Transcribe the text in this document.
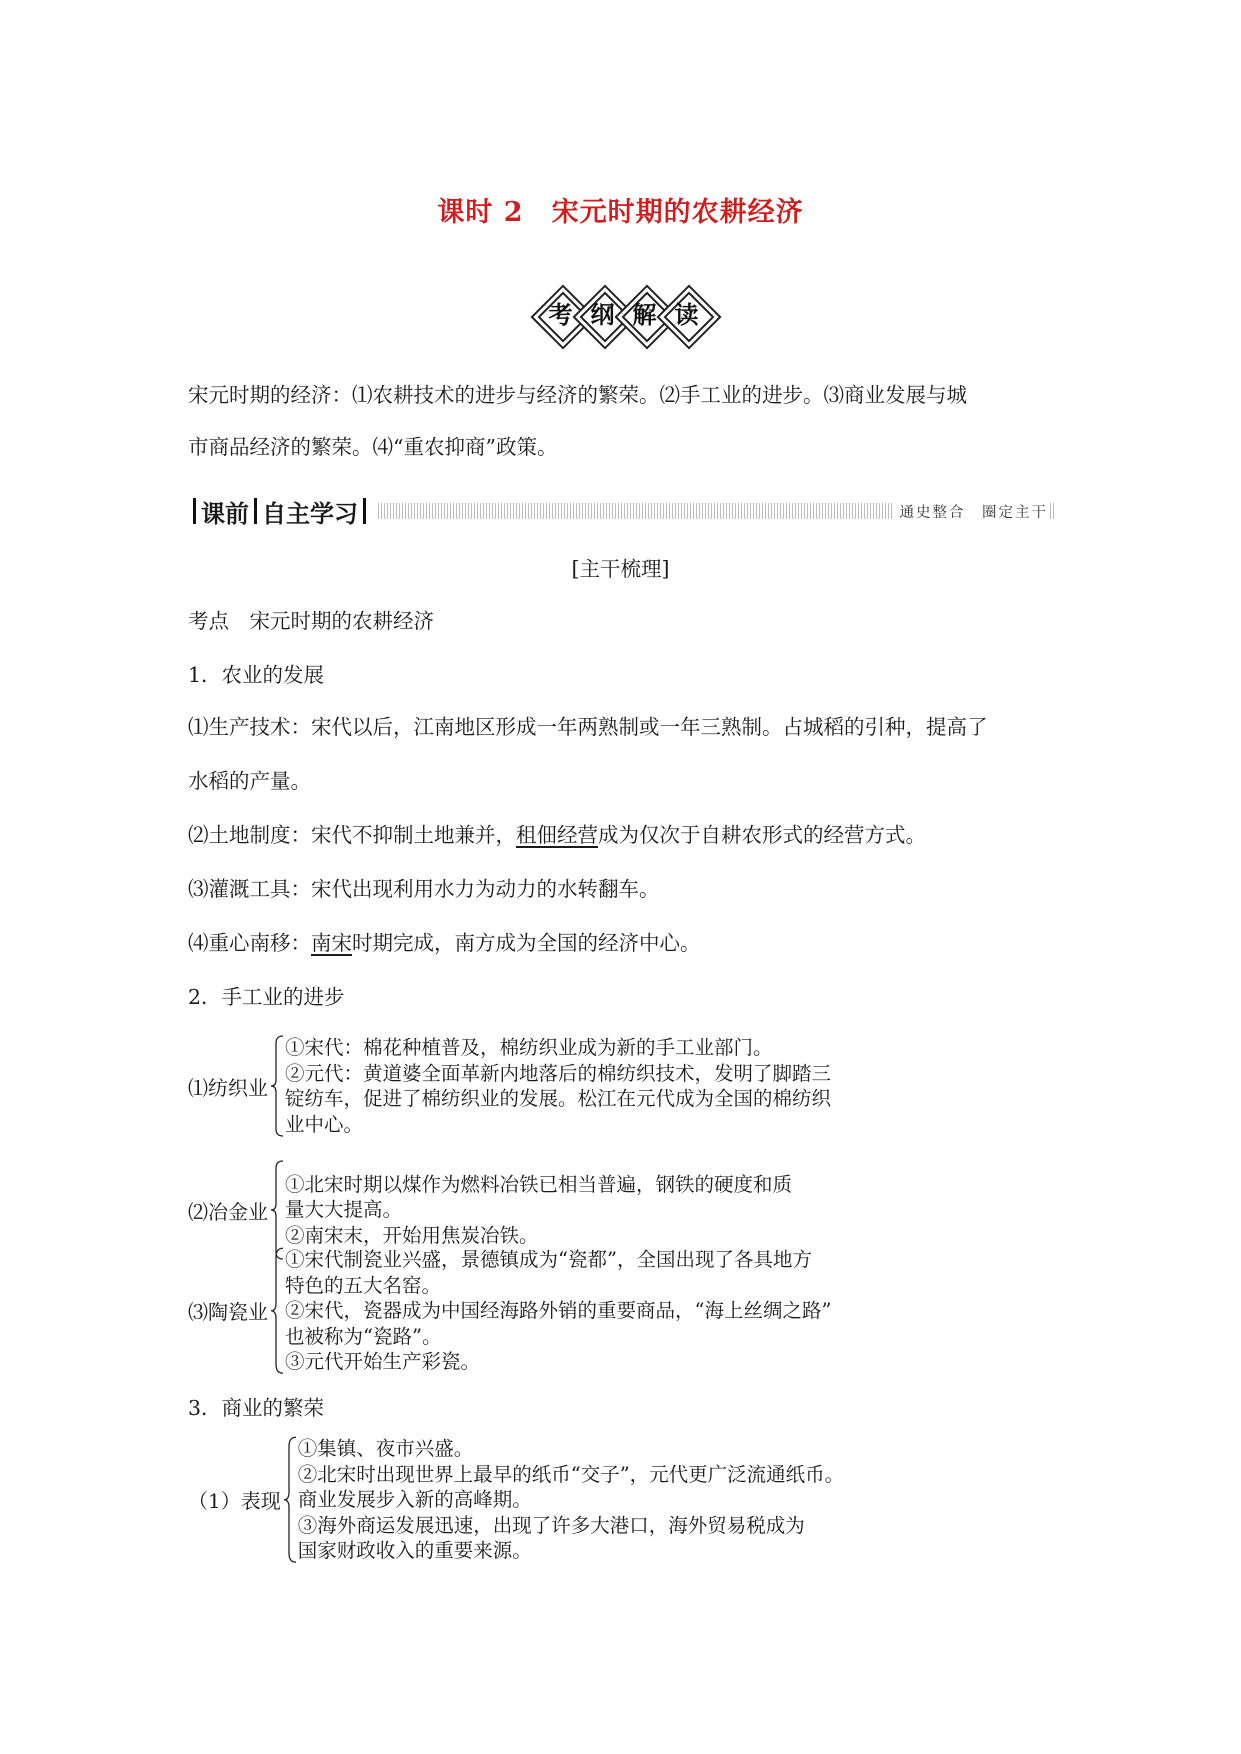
课时 2　宋元时期的农耕经济
考 纲 解 读
宋元时期的经济：⑴农耕技术的进步与经济的繁荣。⑵手工业的进步。⑶商业发展与城
市商品经济的繁荣。⑷“重农抑商”政策。
课前 自主学习	通史整合　圈定主干
[主干梳理]
考点　宋元时期的农耕经济
1．农业的发展
⑴生产技术：宋代以后，江南地区形成一年两熟制或一年三熟制。占城稻的引种，提高了
水稻的产量。
⑵土地制度：宋代不抑制土地兼并，租佃经营成为仅次于自耕农形式的经营方式。
⑶灌溉工具：宋代出现利用水力为动力的水转翻车。
⑷重心南移：南宋时期完成，南方成为全国的经济中心。
2．手工业的进步
⑴纺织业
①宋代：棉花种植普及，棉纺织业成为新的手工业部门。
②元代：黄道婆全面革新内地落后的棉纺织技术，发明了脚踏三
锭纺车，促进了棉纺织业的发展。松江在元代成为全国的棉纺织
业中心。
⑵冶金业
①北宋时期以煤作为燃料冶铁已相当普遍，钢铁的硬度和质
量大大提高。
②南宋末，开始用焦炭冶铁。
⑶陶瓷业
①宋代制瓷业兴盛，景德镇成为“瓷都”，全国出现了各具地方
特色的五大名窑。
②宋代，瓷器成为中国经海路外销的重要商品，“海上丝绸之路”
也被称为“瓷路”。
③元代开始生产彩瓷。
3．商业的繁荣
（1）表现
①集镇、夜市兴盛。
②北宋时出现世界上最早的纸币“交子”，元代更广泛流通纸币。
商业发展步入新的高峰期。
③海外商运发展迅速，出现了许多大港口，海外贸易税成为
国家财政收入的重要来源。
